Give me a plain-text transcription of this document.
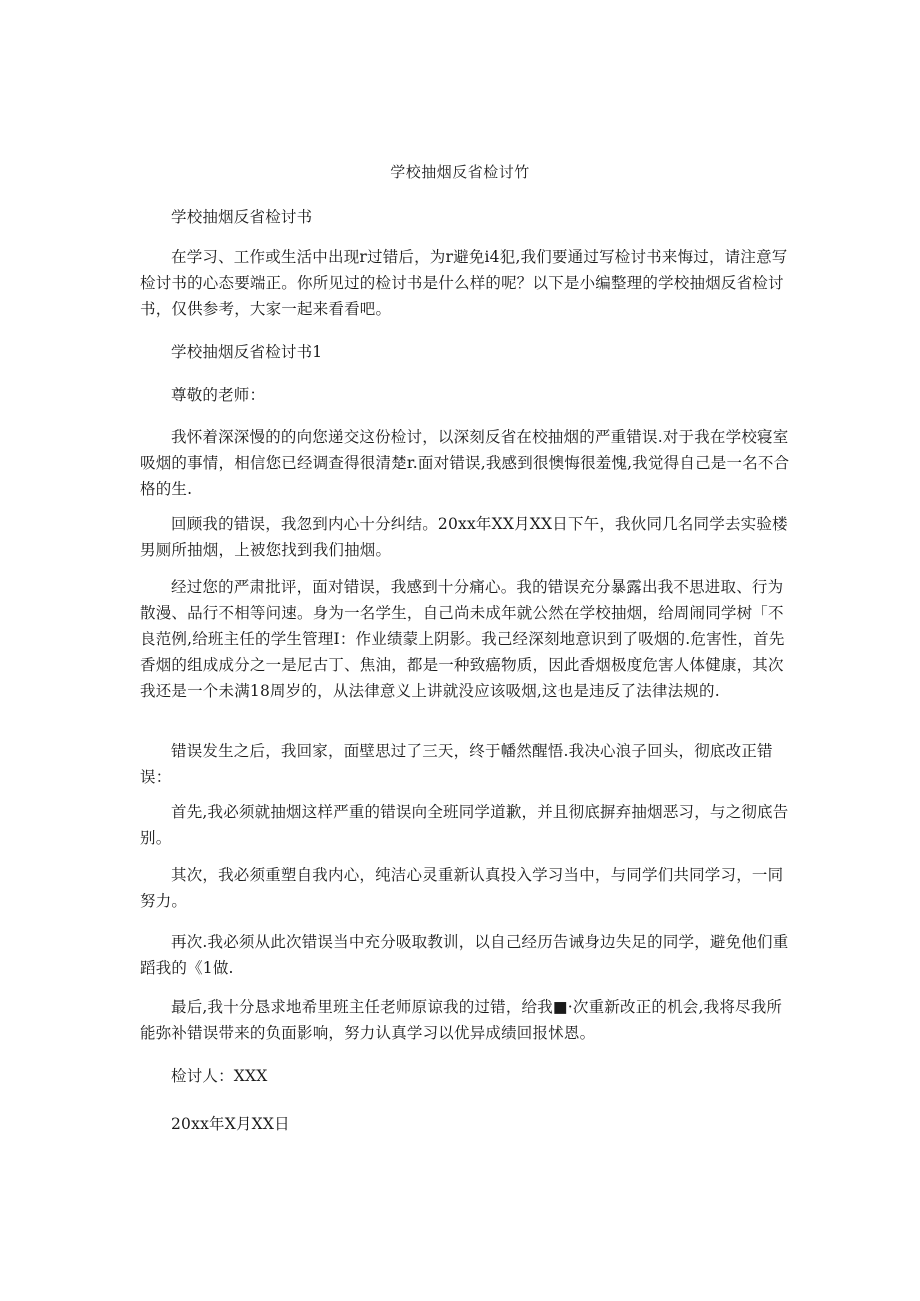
学校抽烟反省检讨竹

学校抽烟反省检讨书

在学习、工作或生活中出现r过错后，为r避免i4犯,我们要通过写检讨书来悔过，请注意写检讨书的心态要端正。你所见过的检讨书是什么样的呢？以下是小编整理的学校抽烟反省检讨书，仅供参考，大家一起来看看吧。

学校抽烟反省检讨书1

尊敬的老师：

我怀着深深慢的的向您递交这份检讨，以深刻反省在校抽烟的严重错误.对于我在学校寝室吸烟的事情，相信您已经调查得很清楚r.面对错误,我感到很懊悔很羞愧,我觉得自己是一名不合格的生.

回顾我的错误，我忽到内心十分纠结。20xx年XX月XX日下午，我伙同几名同学去实验楼男厕所抽烟，上被您找到我们抽烟。

经过您的严肃批评，面对错误，我感到十分痛心。我的错误充分暴露出我不思进取、行为散漫、品行不相等问速。身为一名学生，自己尚未成年就公然在学校抽烟，给周闹同学树「不良范例,给班主任的学生管理I：作业绩蒙上阴影。我己经深刻地意识到了吸烟的.危害性，首先香烟的组成成分之一是尼古丁、焦油，都是一种致癌物质，因此香烟极度危害人体健康，其次我还是一个未满18周岁的，从法律意义上讲就没应该吸烟,这也是违反了法律法规的.

错误发生之后，我回家，面壁思过了三天，终于幡然醒悟.我决心浪子回头，彻底改正错误：

首先,我必须就抽烟这样严重的错误向全班同学道歉，并且彻底摒弃抽烟恶习，与之彻底告别。

其次，我必须重塑自我内心，纯洁心灵重新认真投入学习当中，与同学们共同学习，一同努力。

再次.我必须从此次错误当中充分吸取教训，以自己经历告诫身边失足的同学，避免他们重蹈我的《1做.

最后,我十分恳求地希里班主任老师原谅我的过错，给我■·次重新改正的机会,我将尽我所能弥补错误带来的负面影响，努力认真学习以优异成绩回报怵恩。

检讨人：XXX

20xx年X月XX日
